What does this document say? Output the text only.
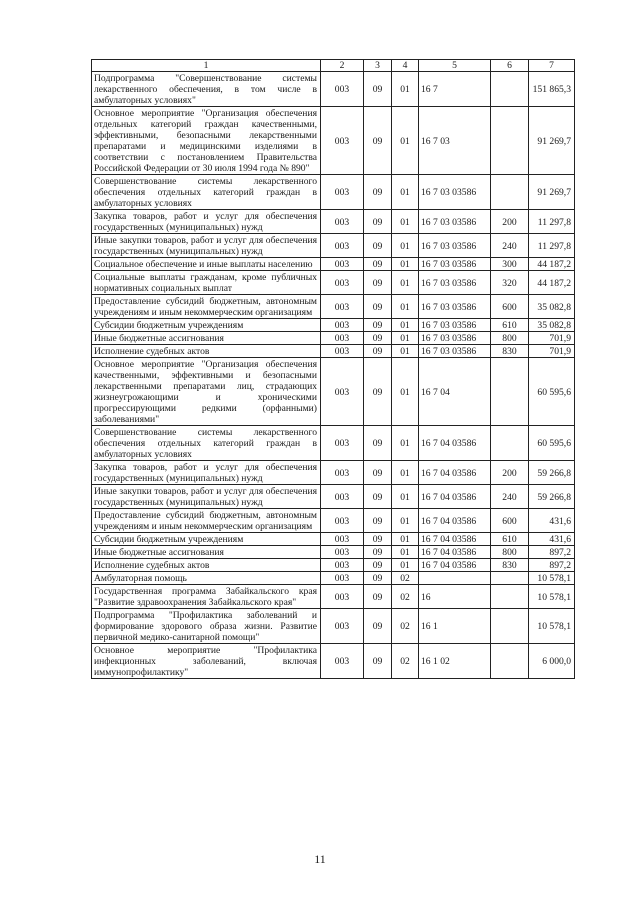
1	2	3	4	5	6	7
Подпрограмма "Совершенствование системы лекарственного обеспечения, в том числе в амбулаторных условиях"	003	09	01	16 7		151 865,3
Основное мероприятие "Организация обеспечения отдельных категорий граждан качественными, эффективными, безопасными лекарственными препаратами и медицинскими изделиями в соответствии с постановлением Правительства Российской Федерации от 30 июля 1994 года № 890"	003	09	01	16 7 03		91 269,7
Совершенствование системы лекарственного обеспечения отдельных категорий граждан в амбулаторных условиях	003	09	01	16 7 03 03586		91 269,7
Закупка товаров, работ и услуг для обеспечения государственных (муниципальных) нужд	003	09	01	16 7 03 03586	200	11 297,8
Иные закупки товаров, работ и услуг для обеспечения государственных (муниципальных) нужд	003	09	01	16 7 03 03586	240	11 297,8
Социальное обеспечение и иные выплаты населению	003	09	01	16 7 03 03586	300	44 187,2
Социальные выплаты гражданам, кроме публичных нормативных социальных выплат	003	09	01	16 7 03 03586	320	44 187,2
Предоставление субсидий бюджетным, автономным учреждениям и иным некоммерческим организациям	003	09	01	16 7 03 03586	600	35 082,8
Субсидии бюджетным учреждениям	003	09	01	16 7 03 03586	610	35 082,8
Иные бюджетные ассигнования	003	09	01	16 7 03 03586	800	701,9
Исполнение судебных актов	003	09	01	16 7 03 03586	830	701,9
Основное мероприятие "Организация обеспечения качественными, эффективными и безопасными лекарственными препаратами лиц, страдающих жизнеугрожающими и хроническими прогрессирующими редкими (орфанными) заболеваниями"	003	09	01	16 7 04		60 595,6
Совершенствование системы лекарственного обеспечения отдельных категорий граждан в амбулаторных условиях	003	09	01	16 7 04 03586		60 595,6
Закупка товаров, работ и услуг для обеспечения государственных (муниципальных) нужд	003	09	01	16 7 04 03586	200	59 266,8
Иные закупки товаров, работ и услуг для обеспечения государственных (муниципальных) нужд	003	09	01	16 7 04 03586	240	59 266,8
Предоставление субсидий бюджетным, автономным учреждениям и иным некоммерческим организациям	003	09	01	16 7 04 03586	600	431,6
Субсидии бюджетным учреждениям	003	09	01	16 7 04 03586	610	431,6
Иные бюджетные ассигнования	003	09	01	16 7 04 03586	800	897,2
Исполнение судебных актов	003	09	01	16 7 04 03586	830	897,2
Амбулаторная помощь	003	09	02			10 578,1
Государственная программа Забайкальского края "Развитие здравоохранения Забайкальского края"	003	09	02	16		10 578,1
Подпрограмма "Профилактика заболеваний и формирование здорового образа жизни. Развитие первичной медико-санитарной помощи"	003	09	02	16 1		10 578,1
Основное мероприятие "Профилактика инфекционных заболеваний, включая иммунопрофилактику"	003	09	02	16 1 02		6 000,0
11
